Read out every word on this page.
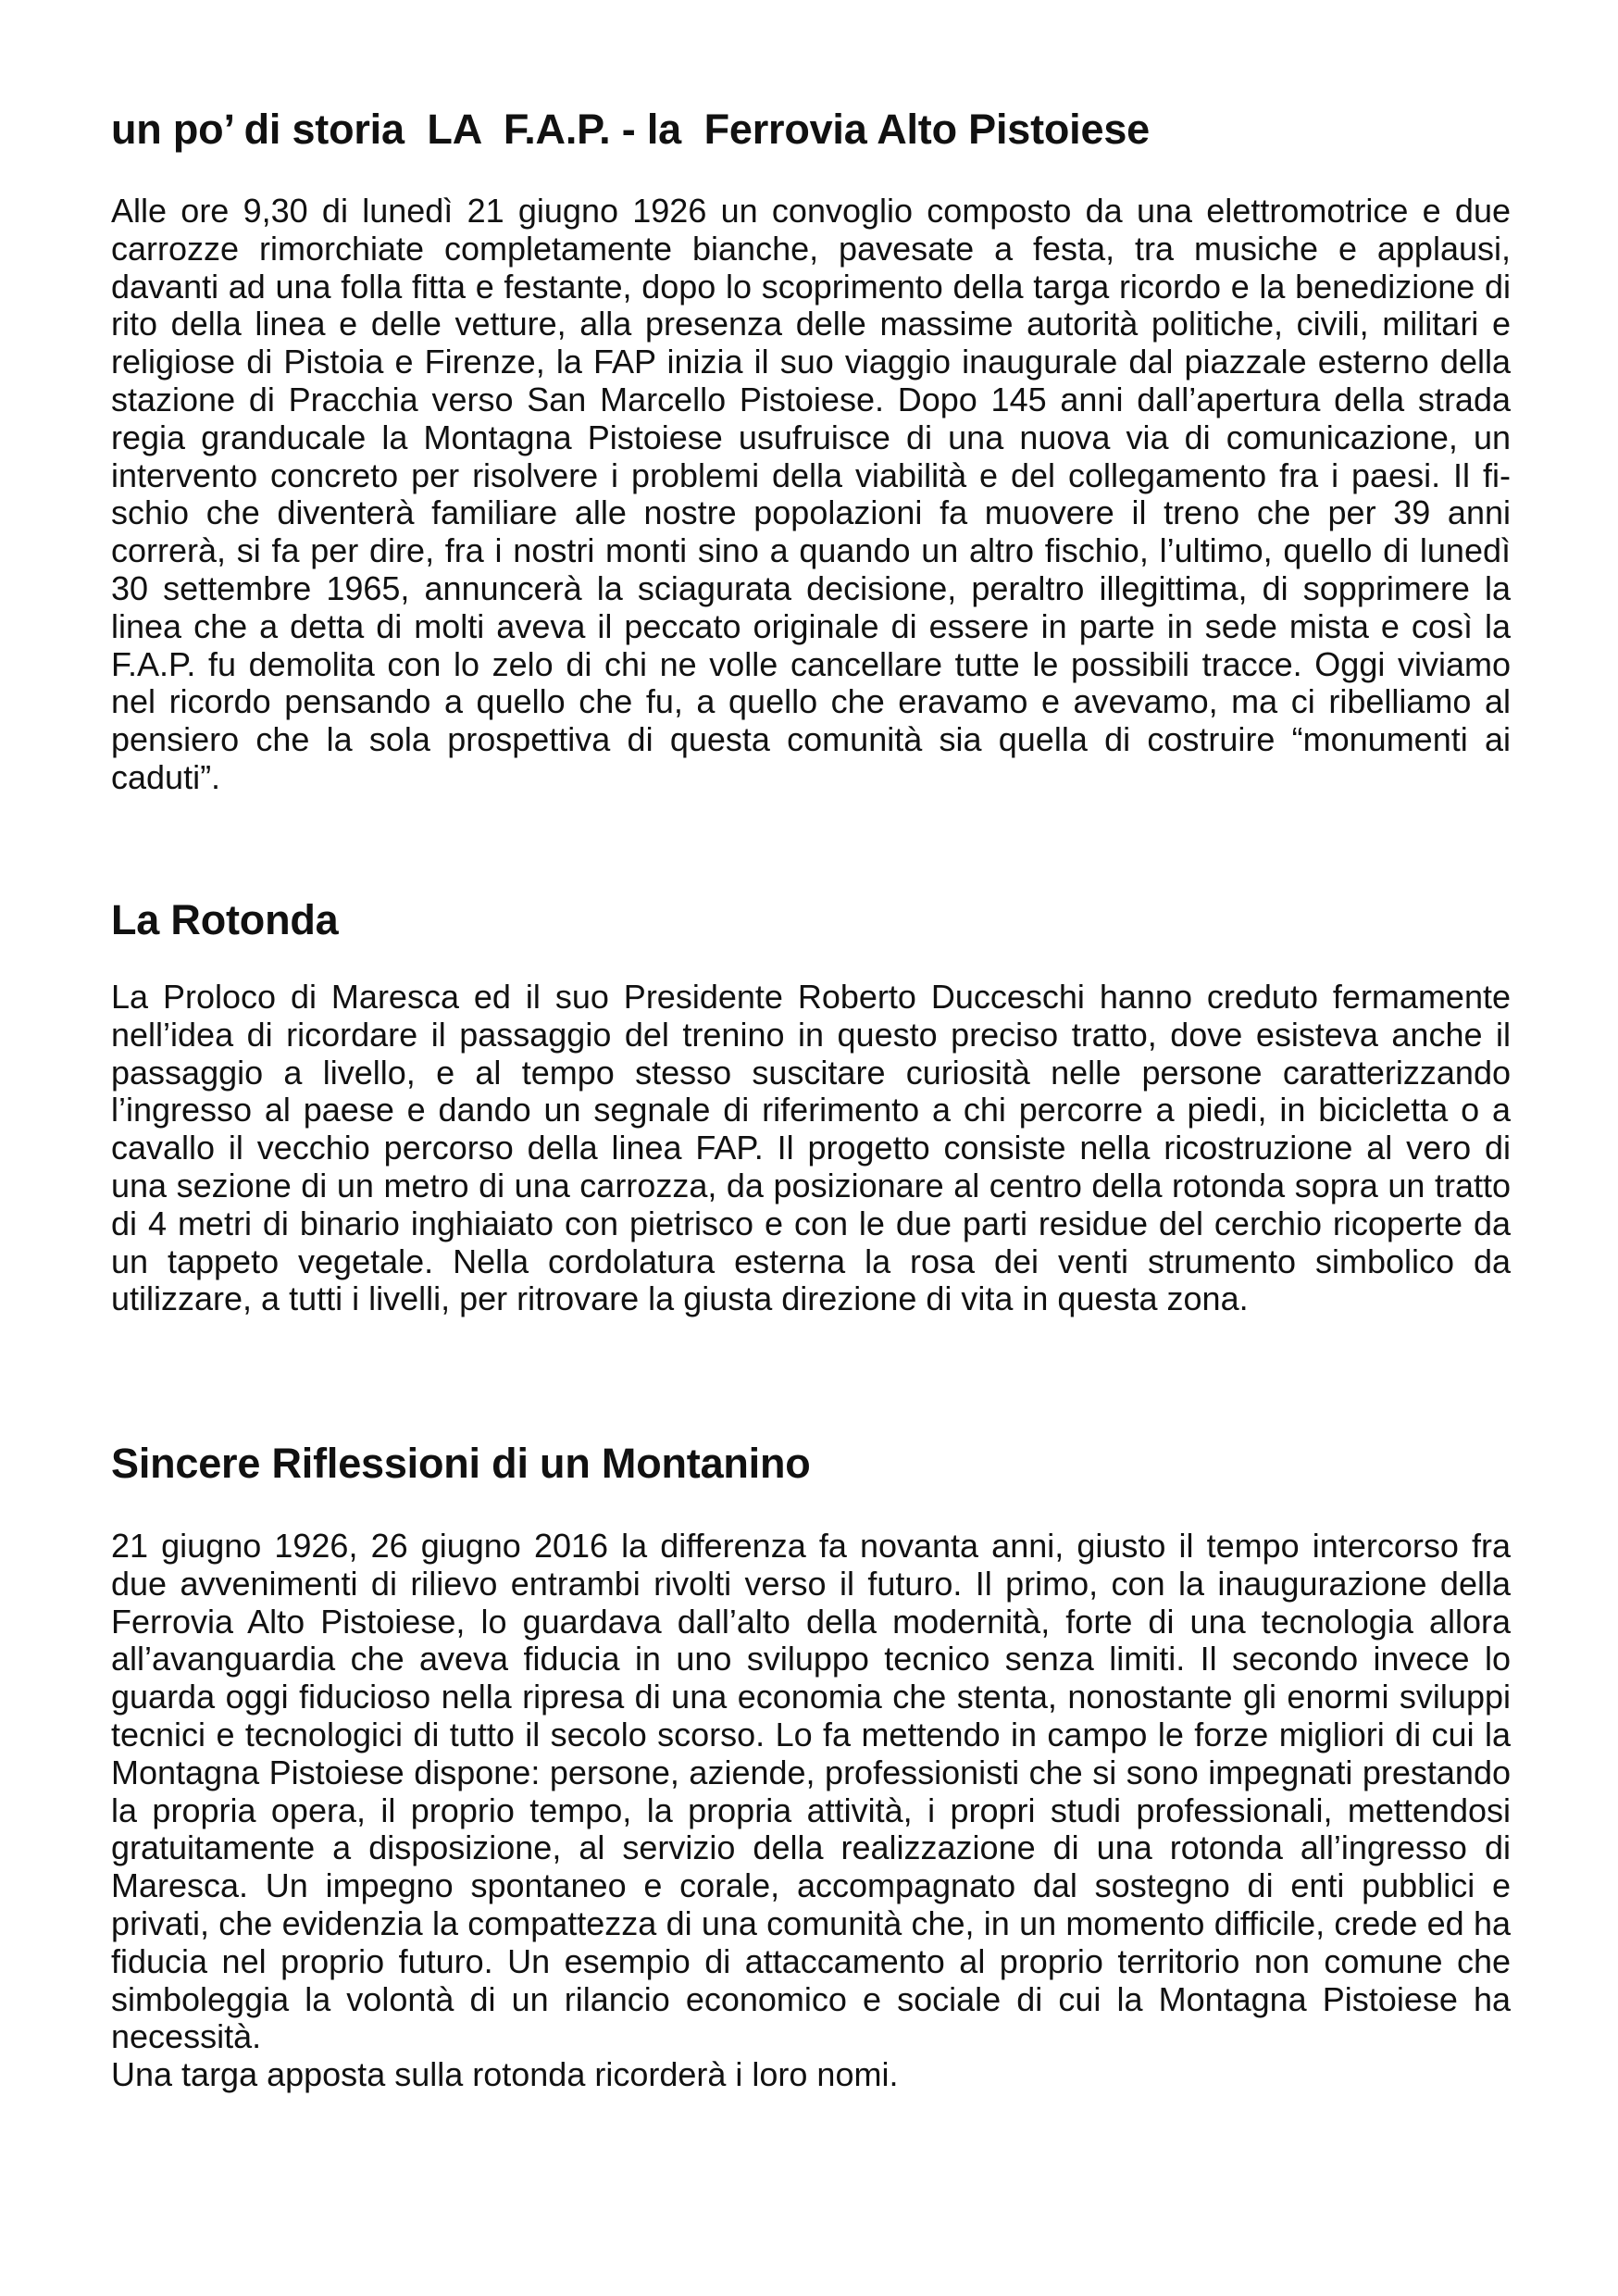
un po’ di storia  LA  F.A.P. - la  Ferrovia Alto Pistoiese

Alle ore 9,30 di lunedì 21 giugno 1926 un convoglio composto da una elettromotrice e due carrozze rimorchiate completamente bianche, pavesate a festa, tra musiche e applausi, davanti ad una folla fitta e festante, dopo lo scoprimento della targa ricordo e la benedizione di rito della linea e delle vetture, alla presenza delle massime autorità politiche, civili, militari e religiose di Pistoia e Firenze, la FAP inizia il suo viaggio inaugurale dal piazzale esterno della stazione di Pracchia verso San Marcello Pistoiese. Dopo 145 anni dall’apertura della strada regia granducale la Montagna Pistoiese usufruisce di una nuova via di comunicazione, un intervento concreto per risolvere i problemi della viabilità e del collegamento fra i paesi. Il fischio che diventerà familiare alle nostre popolazioni fa muovere il treno che per 39 anni correrà, si fa per dire, fra i nostri monti sino a quando un altro fischio, l’ultimo, quello di lunedì 30 settembre 1965, annuncerà la sciagurata decisione, peraltro illegittima, di sopprimere la linea che a detta di molti aveva il peccato originale di essere in parte in sede mista e così la F.A.P. fu demolita con lo zelo di chi ne volle cancellare tutte le possibili tracce. Oggi viviamo nel ricordo pensando a quello che fu, a quello che eravamo e avevamo, ma ci ribelliamo al pensiero che la sola prospettiva di questa comunità sia quella di costruire “monumenti ai caduti”.

La Rotonda

La Proloco di Maresca ed il suo Presidente Roberto Ducceschi hanno creduto fermamente nell’idea di ricordare il passaggio del trenino in questo preciso tratto, dove esisteva anche il passaggio a livello, e al tempo stesso suscitare curiosità nelle persone caratterizzando l’ingresso al paese e dando un segnale di riferimento a chi percorre a piedi, in bicicletta o a cavallo il vecchio percorso della linea FAP. Il progetto consiste nella ricostruzione al vero di una sezione di un metro di una carrozza, da posizionare al centro della rotonda sopra un tratto di 4 metri di binario inghiaiato con pietrisco e con le due parti residue del cerchio ricoperte da un tappeto vegetale. Nella cordolatura esterna la rosa dei venti strumento simbolico da utilizzare, a tutti i livelli, per ritrovare la giusta direzione di vita in questa zona.

Sincere Riflessioni di un Montanino

21 giugno 1926, 26 giugno 2016 la differenza fa novanta anni, giusto il tempo intercorso fra due avvenimenti di rilievo entrambi rivolti verso il futuro. Il primo, con la inaugurazione della Ferrovia Alto Pistoiese, lo guardava dall’alto della modernità, forte di una tecnologia allora all’avanguardia che aveva fiducia in uno sviluppo tecnico senza limiti. Il secondo invece lo guarda oggi fiducioso nella ripresa di una economia che stenta, nonostante gli enormi sviluppi tecnici e tecnologici di tutto il secolo scorso. Lo fa mettendo in campo le forze migliori di cui la Montagna Pistoiese dispone: persone, aziende, professionisti che si sono impegnati prestando la propria opera, il proprio tempo, la propria attività, i propri studi professionali, mettendosi gratuitamente a disposizione, al servizio della realizzazione di una rotonda all’ingresso di Maresca. Un impegno spontaneo e corale, accompagnato dal sostegno di enti pubblici e privati, che evidenzia la compattezza di una comunità che, in un momento difficile, crede ed ha fiducia nel proprio futuro. Un esempio di attaccamento al proprio territorio non comune che simboleggia la volontà di un rilancio economico e sociale di cui la Montagna Pistoiese ha necessità.

Una targa apposta sulla rotonda ricorderà i loro nomi.
